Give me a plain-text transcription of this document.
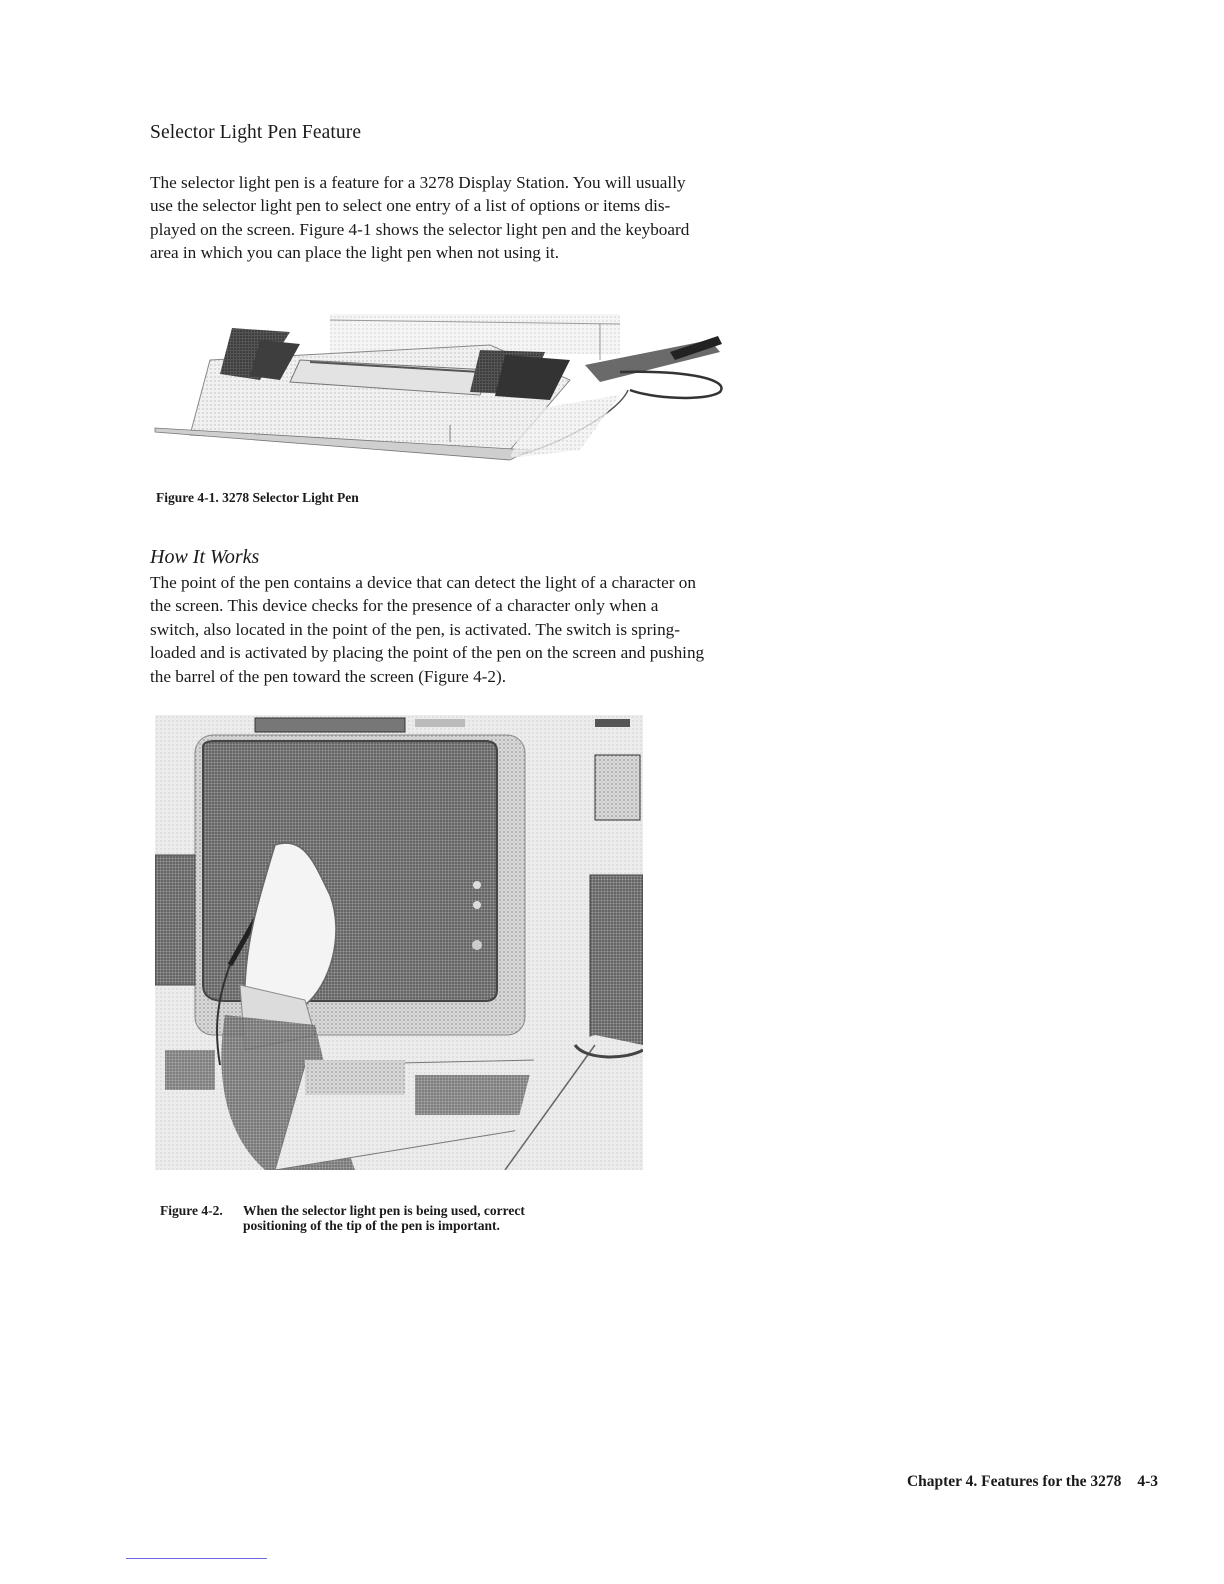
Selector Light Pen Feature

The selector light pen is a feature for a 3278 Display Station. You will usually
use the selector light pen to select one entry of a list of options or items dis-
played on the screen. Figure 4-1 shows the selector light pen and the keyboard
area in which you can place the light pen when not using it.

Figure 4-1. 3278 Selector Light Pen
How It Works

The point of the pen contains a device that can detect the light of a character on
the screen. This device checks for the presence of a character only when a
switch, also located in the point of the pen, is activated. The switch is spring-
loaded and is activated by placing the point of the pen on the screen and pushing
the barrel of the pen toward the screen (Figure 4-2).

Figure 4-2. When the selector light pen is being used, correct
positioning of the tip of the pen is important.
Chapter 4. Features for the 3278 4-3
